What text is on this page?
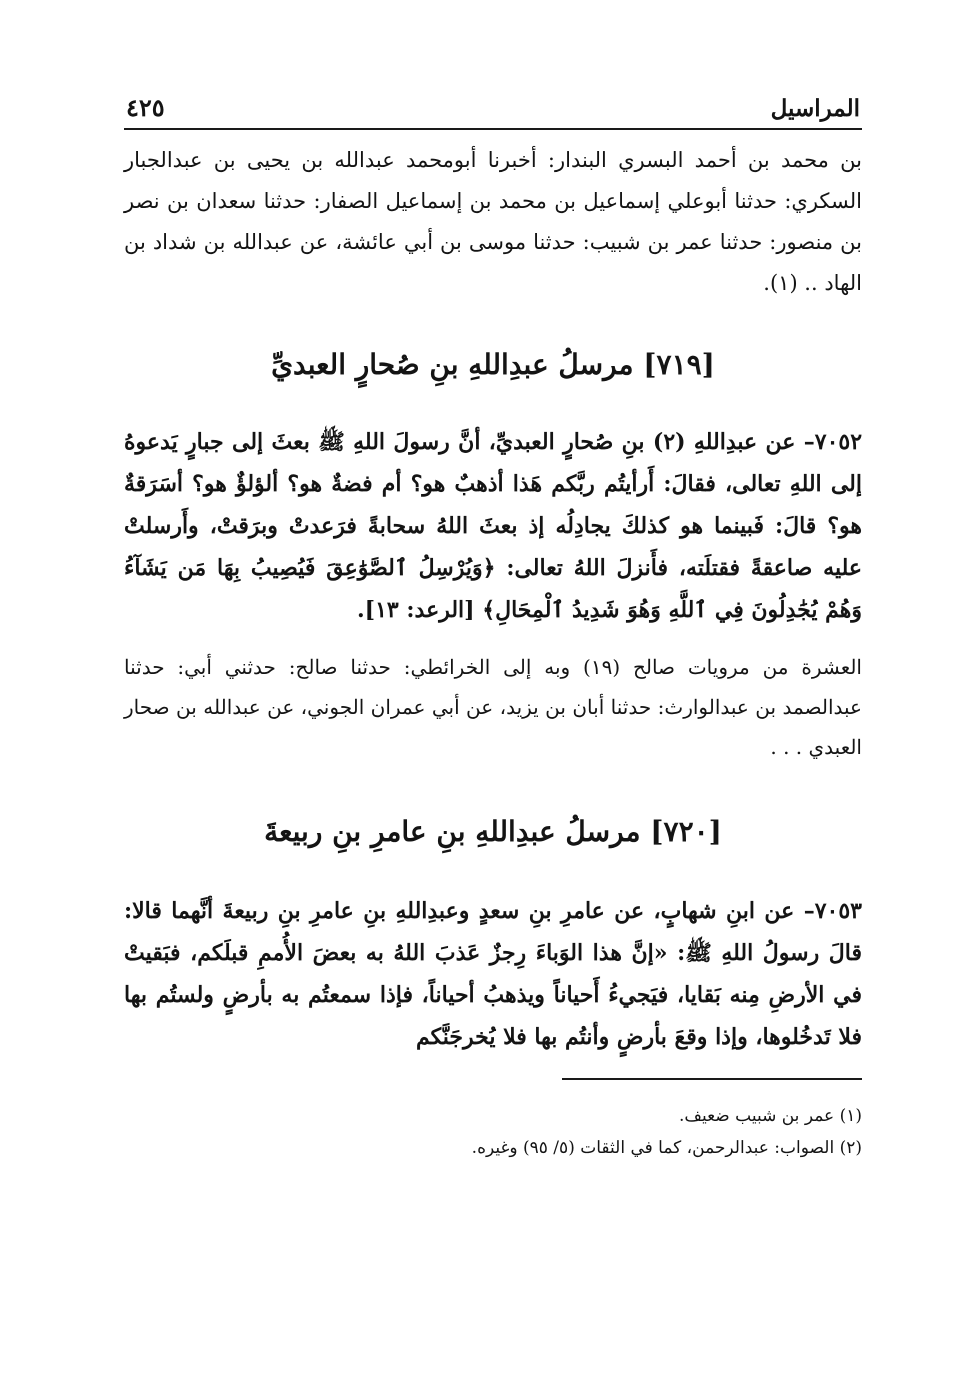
المراسيل
٤٢٥

بن محمد بن أحمد البسري البندار: أخبرنا أبومحمد عبدالله بن يحيى بن عبدالجبار السكري: حدثنا أبوعلي إسماعيل بن محمد بن إسماعيل الصفار: حدثنا سعدان بن نصر بن منصور: حدثنا عمر بن شبيب: حدثنا موسى بن أبي عائشة، عن عبدالله بن شداد بن الهاد .. (١).

[٧١٩] مرسلُ عبدِاللهِ بنِ صُحارٍ العبديِّ

٧٠٥٢– عن عبدِاللهِ (٢) بنِ صُحارٍ العبديِّ، أنَّ رسولَ اللهِ ﷺ بعثَ إلى جبارٍ يَدعوهُ إلى اللهِ تعالى، فقالَ: أَرأيتُم ربَّكم هَذا أذهبٌ هو؟ أم فضةٌ هو؟ ألؤلؤٌ هو؟ أسَرَقةٌ هو؟ قالَ: فَبينما هو كذلكَ يجادِلُه إذ بعثَ اللهُ سحابةً فرَعدتْ وبرَقتْ، وأَرسلتْ عليه صاعقةً فقتلَته، فأَنزلَ اللهُ تعالى: ﴿وَيُرْسِلُ ٱلصَّوَٰعِقَ فَيُصِيبُ بِهَا مَن يَشَآءُ وَهُمْ يُجَٰدِلُونَ فِي ٱللَّهِ وَهُوَ شَدِيدُ ٱلْمِحَالِ﴾ [الرعد: ١٣].

العشرة من مرويات صالح (١٩) وبه إلى الخرائطي: حدثنا صالح: حدثني أبي: حدثنا عبدالصمد بن عبدالوارث: حدثنا أبان بن يزيد، عن أبي عمران الجوني، عن عبدالله بن صحار العبدي . . .

[٧٢٠] مرسلُ عبدِاللهِ بنِ عامرِ بنِ ربيعةَ

٧٠٥٣– عن ابنِ شهابٍ، عن عامرِ بنِ سعدٍ وعبدِاللهِ بنِ عامرِ بنِ ربيعةَ أنَّهما قالا: قالَ رسولُ اللهِ ﷺ: «إنَّ هذا الوَباءَ رِجزٌ عَذبَ اللهُ به بعضَ الأُممِ قبلَكم، فبَقيتْ في الأرضِ مِنه بَقايا، فيَجيءُ أَحياناً ويذهبُ أحياناً، فإذا سمعتُم به بأرضٍ ولستُم بها فلا تَدخُلوها، وإذا وقعَ بأرضٍ وأنتُم بها فلا يُخرجَنَّكم

(١) عمر بن شبيب ضعيف.

(٢) الصواب: عبدالرحمن، كما في الثقات (٥/ ٩٥) وغيره.
